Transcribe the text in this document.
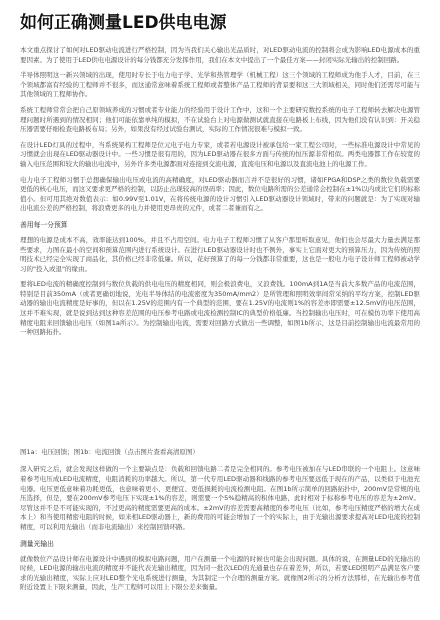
如何正确测量LED供电电源

本文重点探讨了如何对LED驱动电流进行严格控制，因为当我们关心输出光品质时，对LED驱动电流的控制将会成为影响LED电源成本的重要因素。为了使用于LED供电电源设计的每分钱都充分发挥作用，我们在本文中提出了一个最佳方案——封闭实际光输出的控制回路。

半导体照明这一新兴领域的出现，使用时专长于电力电子学、光学和热管理学（机械工程）这三个领域的工程师成为他手人才，目前，在三个领域都富有经验的工程师并不很多，而这通常意味着系统工程师或者整体产品工程师的背景要和这三大领域相关，同时他们还需尽可能与其他领域的工程师协作。

系统工程师常常会把自己原领域养成的习惯或者专业能力的经验用于设计工作中，这和一个主要研究数控系统的电子工程师转去解决电源管理问题时所遇到的情况相同；他们可能依靠单纯的模拟，不在试验台上对电源做测试就直接在电路板上布线，因为他们没有认识到：开关稳压器需要仔细检查电路板布局；另外，如果没有经过试验台测试，实际的工作情况很难与模拟一致。

在设计LED灯具的过程中，当系统架构工程师是位元电子电力专家，或者若电源设计被承包给一家工程公司时，一些标准电源设计中常见的习惯就会出现在LED驱动器设计中。一些习惯是很有用的，因为LED驱动器在很多方面与传统的恒压源非常相似。两类电器都工作在较宽的输入电压范围和较大的输出电流中，另外许多类电源都面对连接到交流电源，直流电压和电源以及直流电池上的电源工作。

电力电子工程师习惯于总想确保输出电压或电流的高精确度，对LED驱动器而言并不是很好的习惯，诸如FPGA和DSP之类的数位负载需要更低的核心电压，而这又要求更严格的控制，以防止出现较高的误码率；因此，数位电路所需的公差通常会控制在±1%以内或比它们的标称值小。但可用其绝对数值表示：如0.99V至1.01V，在将传统电源的设计习惯引入LED驱动器设计领域时，带来的问题就是：为了实现对输出电流公差的严格控制，将浪费更多的电力并使用更昂贵的元件，或者二者兼而有之。

善用每一分预算

理想的电源是成本不高，效率能达到100%，并且不占用空间。电力电子工程师习惯了从客户那里听取意见，他们也会尽最大力量去满足那些要求，力图在最小的空间和预算范围内进行系统设计。在进行LED驱动器设计时也不例外，事实上它面对更大的预算压力，因为传统的照明技术已经完全实现了商品化，其价格已经非常低廉。所以，花好预算了的每一分钱都非常重要，这也是一般电力电子设计师工程师被动学习的"投入或退"的缘由。

要将LED电流的精确度控制到与数位负载的供电电压的精度相同，则会极浪费电，又浪费钱。100mA到1A是当前大多数产品的电流范围，特别是目前350mA（或者更确切地说，光电半导体结的电流密度为350mA/mm2）是所管理和照明效率间常采纳的平均方案，控制LED驱动器的输出电流精度是好事的，但以在1.25V的范围内有一个典型的范围，要在1.25V的电流则1%的容差亦即需要±12.5mV的电压范围，这并不难实现，就是说到达到这种容差范围的电压参考电路或电流检测控制IC的典型价格低廉。当控制输出电压时，可在模仿功率下使用高精度电阻来回馈输出电压（如图1a所示）。为控制输出电流，需要对回路方式做出一些调整，如图1b所示，这是目前控制输出电流最常用的一种回路拓扑。

图1a：电压回馈；图1b：电流回馈（点击图片查看高清原图）

深入研究之后，就会发现这样做的一个主要缺点是：负载和回馈电路二者是完全相同的。参考电压被加在与LED串联的一个电阻上。这意味着参考电压成LED电流精度，电阻消耗的功率越大。所以，第一代专用LED驱动器和线路的参考电压要远低于现在的产品，以类似于电池充电器。电压更低意味着功耗更低，也意味着更小、更便宜、更低损耗的电流检测电阻。在图1b所示简单的回路拓扑中，200mV是常规的电压选择，但是，要在200mV参考电压下实现±1%的容差，则需要一个5%稳精高的积体电路，此时相对于标称参考电压的容差为±2mV。尽管这并不是不可能实现的，不过更高的精度需要更高的成本。±2mV的容差需要高精度的参考电压（比如，参考电压精度严格的增大在成本上）和当使用精密电阻的时候，如来相LED驱动器上，新的费用的可能会增加了一个的实际上，由于光输出源要求提高对LED电流的控制精度，可以利用光输出（而非电流输出）来控制回馈环路。

测量光输出

就像数位产品设计师在电源设计中遇到的模拟电路问题，用户在测量一个电源的时候也可能会出现问题。具体的说，在测量LED的光输出的时候，LED电源的输出电流的精度并不能代表光输出精度，因为同一批次LED的光通量也存在着差异，所以，若要LED照明产品满足客户要求的光输出精度，实际上应对LED整个光电系统进行测量，为其制定一个合理的测量方案。就像图2所示的分析方法那样，在光输出参考值附近设置上下限来测量，因此，生产工程师可以用上下限公差来衡量。
